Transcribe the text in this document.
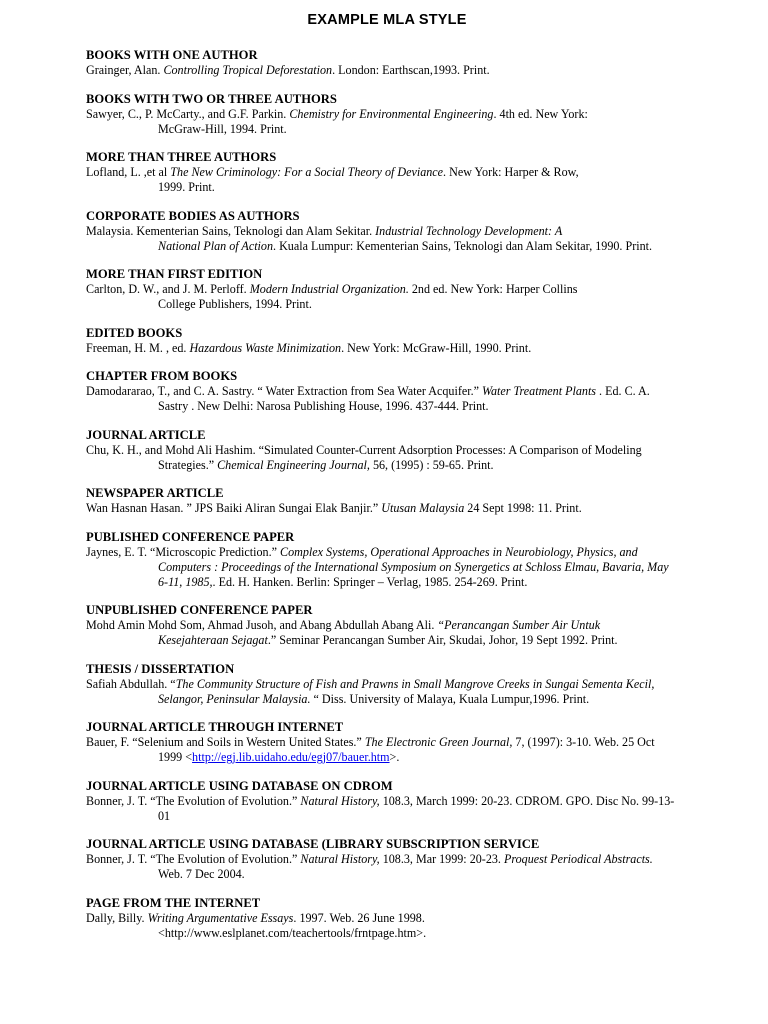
EXAMPLE MLA STYLE
BOOKS WITH ONE AUTHOR
Grainger, Alan. Controlling Tropical Deforestation. London: Earthscan,1993. Print.
BOOKS WITH TWO OR THREE AUTHORS
Sawyer, C., P. McCarty., and G.F. Parkin. Chemistry for Environmental Engineering. 4th ed. New York:
McGraw-Hill, 1994. Print.
MORE THAN THREE AUTHORS
Lofland, L. ,et al The New Criminology: For a Social Theory of Deviance. New York: Harper & Row,
1999. Print.
CORPORATE BODIES AS AUTHORS
Malaysia. Kementerian Sains, Teknologi dan Alam Sekitar. Industrial Technology Development: A
National Plan of Action. Kuala Lumpur: Kementerian Sains, Teknologi dan Alam Sekitar, 1990. Print.
MORE THAN FIRST EDITION
Carlton, D. W., and J. M. Perloff. Modern Industrial Organization. 2nd ed. New York: Harper Collins
College Publishers, 1994. Print.
EDITED BOOKS
Freeman, H. M. , ed. Hazardous Waste Minimization. New York: McGraw-Hill, 1990. Print.
CHAPTER FROM BOOKS
Damodararao, T., and C. A. Sastry. “ Water Extraction from Sea Water Acquifer.” Water Treatment Plants . Ed. C. A.
Sastry . New Delhi: Narosa Publishing House, 1996. 437-444. Print.
JOURNAL ARTICLE
Chu, K. H., and Mohd Ali Hashim. “Simulated Counter-Current Adsorption Processes: A Comparison of Modeling
Strategies.” Chemical Engineering Journal, 56, (1995) : 59-65. Print.
NEWSPAPER ARTICLE
Wan Hasnan Hasan. ” JPS Baiki Aliran Sungai Elak Banjir.” Utusan Malaysia 24 Sept 1998: 11. Print.
PUBLISHED CONFERENCE PAPER
Jaynes, E. T. “Microscopic Prediction.” Complex Systems, Operational Approaches in Neurobiology, Physics, and
Computers : Proceedings of the International Symposium on Synergetics at Schloss Elmau, Bavaria, May
6-11, 1985,. Ed. H. Hanken. Berlin: Springer – Verlag, 1985. 254-269. Print.
UNPUBLISHED CONFERENCE PAPER
Mohd Amin Mohd Som, Ahmad Jusoh, and Abang Abdullah Abang Ali. “Perancangan Sumber Air Untuk
Kesejahteraan Sejagat.” Seminar Perancangan Sumber Air, Skudai, Johor, 19 Sept 1992. Print.
THESIS / DISSERTATION
Safiah Abdullah. “The Community Structure of Fish and Prawns in Small Mangrove Creeks in Sungai Sementa Kecil,
Selangor, Peninsular Malaysia. “ Diss. University of Malaya, Kuala Lumpur,1996. Print.
JOURNAL ARTICLE THROUGH INTERNET
Bauer, F. “Selenium and Soils in Western United States.” The Electronic Green Journal, 7, (1997): 3-10. Web. 25 Oct
1999 <http://egj.lib.uidaho.edu/egj07/bauer.htm>.
JOURNAL ARTICLE USING DATABASE ON CDROM
Bonner, J. T. “The Evolution of Evolution.” Natural History, 108.3, March 1999: 20-23. CDROM. GPO. Disc No. 99-13-
01
JOURNAL ARTICLE USING DATABASE (LIBRARY SUBSCRIPTION SERVICE
Bonner, J. T. “The Evolution of Evolution.” Natural History, 108.3, Mar 1999: 20-23. Proquest Periodical Abstracts.
Web. 7 Dec 2004.
PAGE FROM THE INTERNET
Dally, Billy. Writing Argumentative Essays. 1997. Web. 26 June 1998.
<http://www.eslplanet.com/teachertools/frntpage.htm>.
